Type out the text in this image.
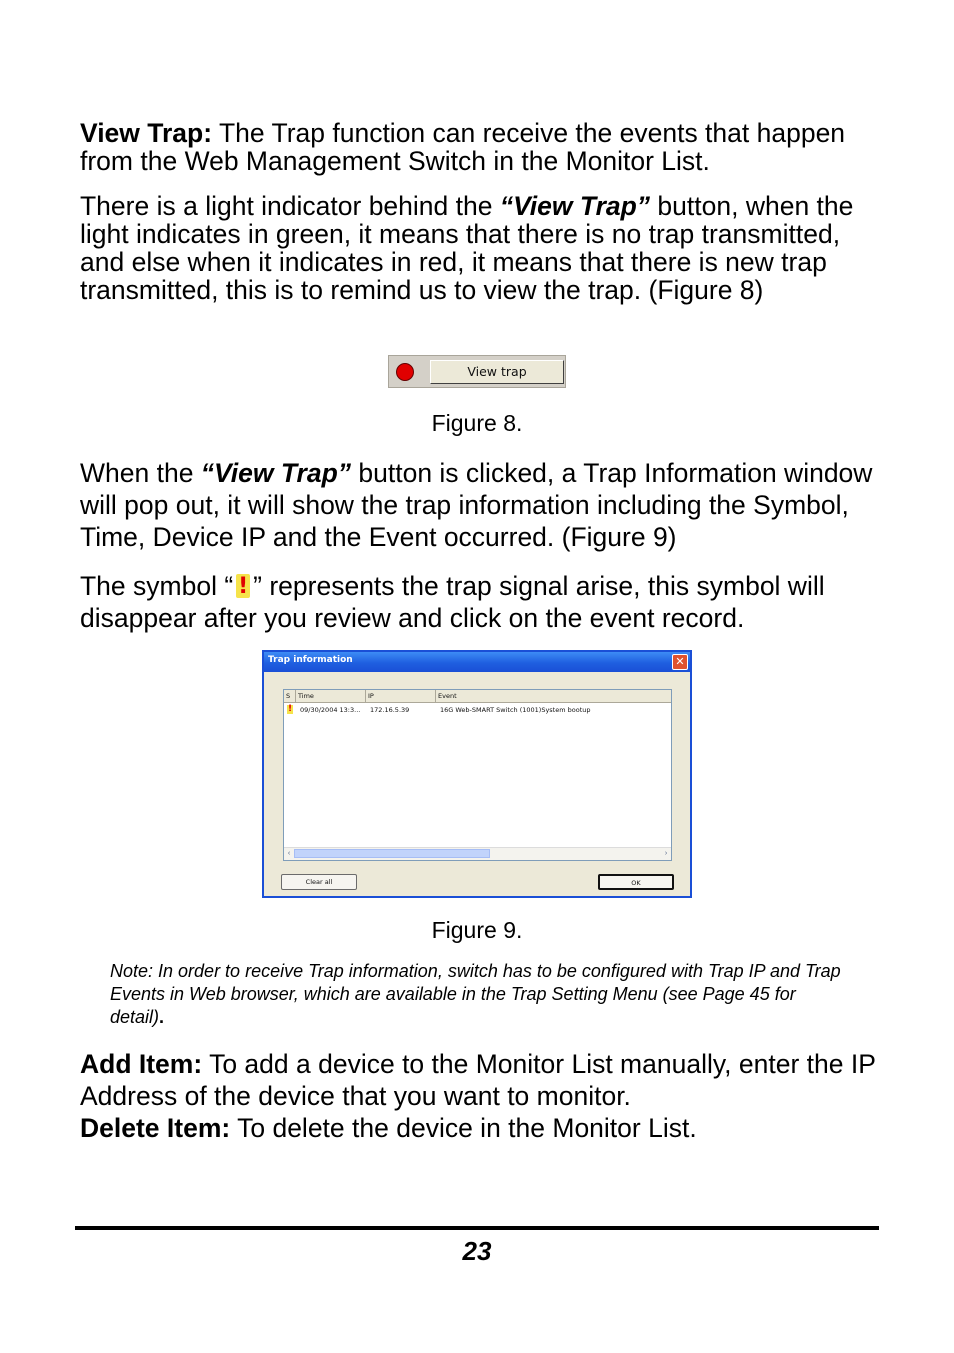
View Trap: The Trap function can receive the events that happen from the Web Management Switch in the Monitor List.

There is a light indicator behind the “View Trap” button, when the light indicates in green, it means that there is no trap transmitted, and else when it indicates in red, it means that there is new trap transmitted, this is to remind us to view the trap. (Figure 8)

View trap

Figure 8.

When the “View Trap” button is clicked, a Trap Information window will pop out, it will show the trap information including the Symbol, Time, Device IP and the Event occurred. (Figure 9)

The symbol “! ” represents the trap signal arise, this symbol will disappear after you review and click on the event record.

Trap information	✕
S	Time	IP	Event
!
09/30/2004 13:3... 172.16.5.39	16G Web-SMART Switch (1001)System bootup
‹	›
Clear all	OK

Figure 9.

Note: In order to receive Trap information, switch has to be configured with Trap IP and Trap Events in Web browser, which are available in the Trap Setting Menu (see Page 45 for detail).

Add Item: To add a device to the Monitor List manually, enter the IP Address of the device that you want to monitor.

Delete Item: To delete the device in the Monitor List.

23
